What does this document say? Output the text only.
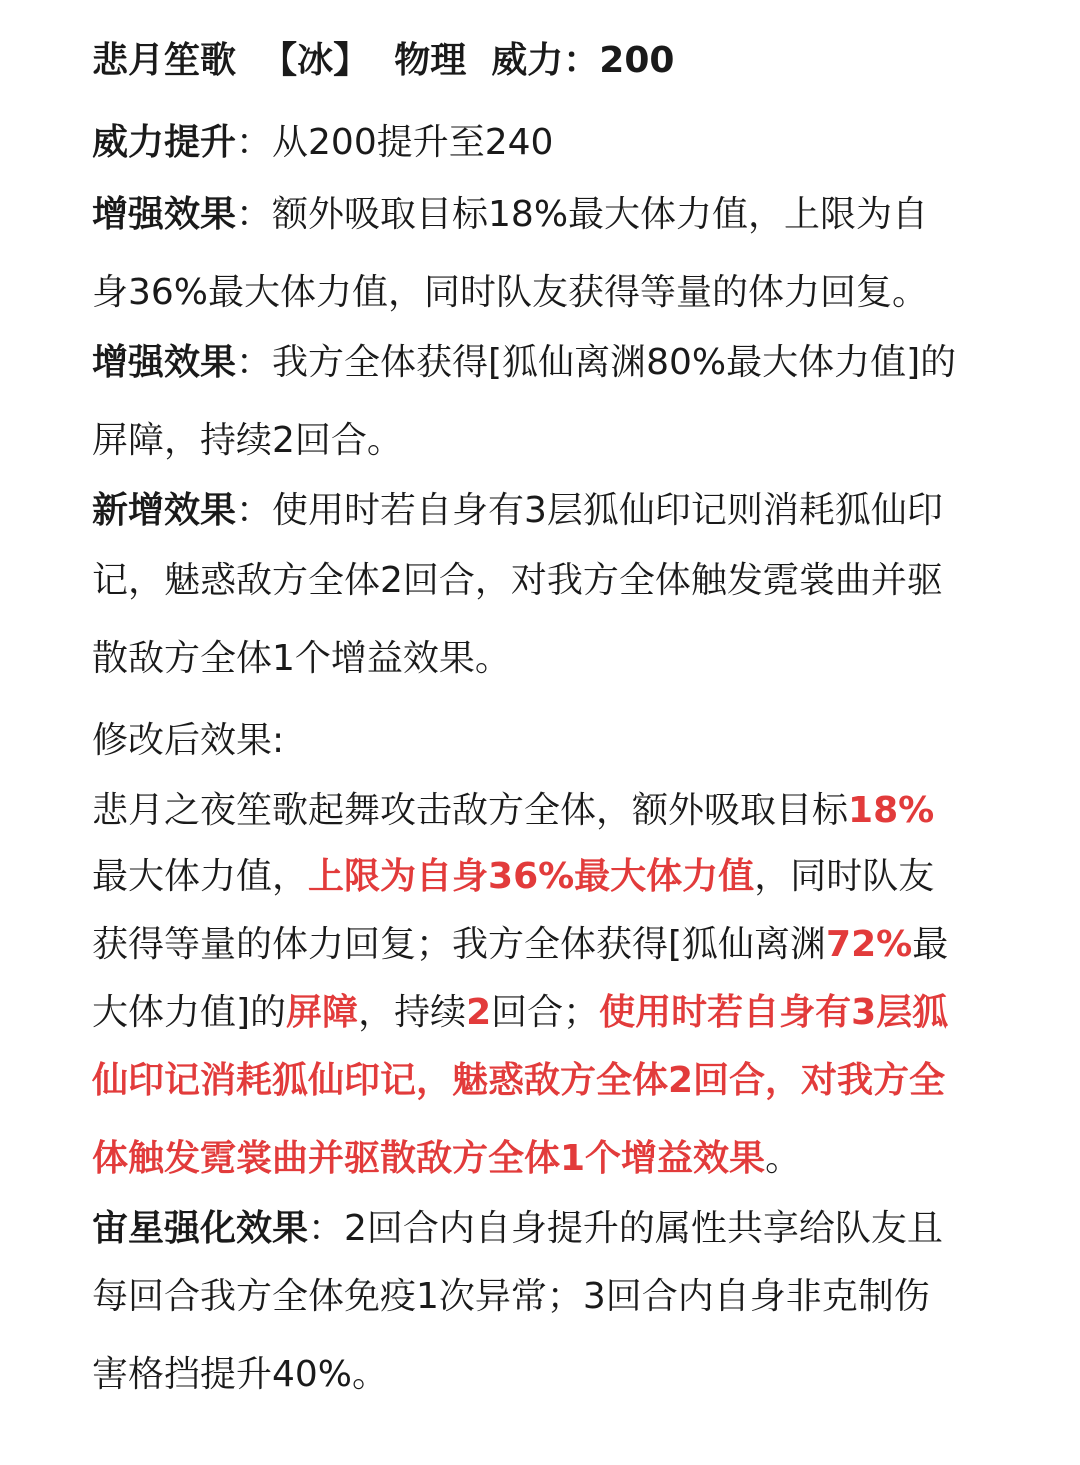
悲月笙歌 【冰】 物理 威力：200
威力提升：从200提升至240
增强效果：额外吸取目标18%最大体力值，上限为自
身36%最大体力值，同时队友获得等量的体力回复。
增强效果：我方全体获得[狐仙离渊80%最大体力值]的
屏障，持续2回合。
新增效果：使用时若自身有3层狐仙印记则消耗狐仙印
记，魅惑敌方全体2回合，对我方全体触发霓裳曲并驱
散敌方全体1个增益效果。
修改后效果:
悲月之夜笙歌起舞攻击敌方全体，额外吸取目标18%
最大体力值，上限为自身36%最大体力值，同时队友
获得等量的体力回复；我方全体获得[狐仙离渊72%最
大体力值]的屏障，持续2回合；使用时若自身有3层狐
仙印记消耗狐仙印记，魅惑敌方全体2回合，对我方全
体触发霓裳曲并驱散敌方全体1个增益效果。
宙星强化效果：2回合内自身提升的属性共享给队友且
每回合我方全体免疫1次异常；3回合内自身非克制伤
害格挡提升40%。
